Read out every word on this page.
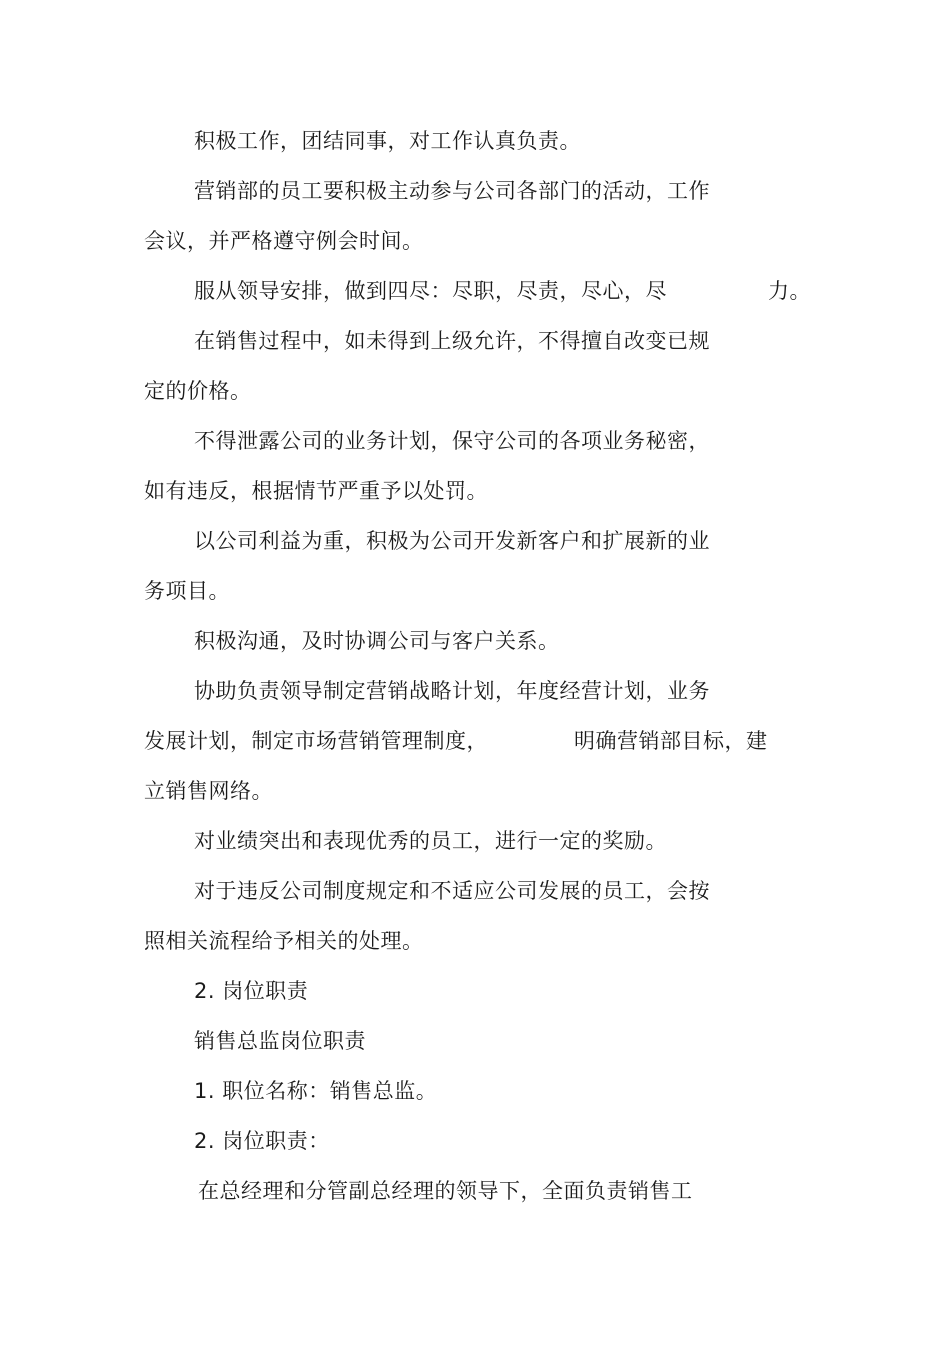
积极工作，团结同事，对工作认真负责。
营销部的员工要积极主动参与公司各部门的活动，工作
会议，并严格遵守例会时间。
服从领导安排，做到四尽：尽职，尽责，尽心，尽	力。
在销售过程中，如未得到上级允许，不得擅自改变已规
定的价格。
不得泄露公司的业务计划，保守公司的各项业务秘密，
如有违反，根据情节严重予以处罚。
以公司利益为重，积极为公司开发新客户和扩展新的业
务项目。
积极沟通，及时协调公司与客户关系。
协助负责领导制定营销战略计划，年度经营计划，业务
发展计划，制定市场营销管理制度，	明确营销部目标，建
立销售网络。
对业绩突出和表现优秀的员工，进行一定的奖励。
对于违反公司制度规定和不适应公司发展的员工，会按
照相关流程给予相关的处理。
2. 岗位职责
销售总监岗位职责
1. 职位名称：销售总监。
2. 岗位职责：
在总经理和分管副总经理的领导下，全面负责销售工
